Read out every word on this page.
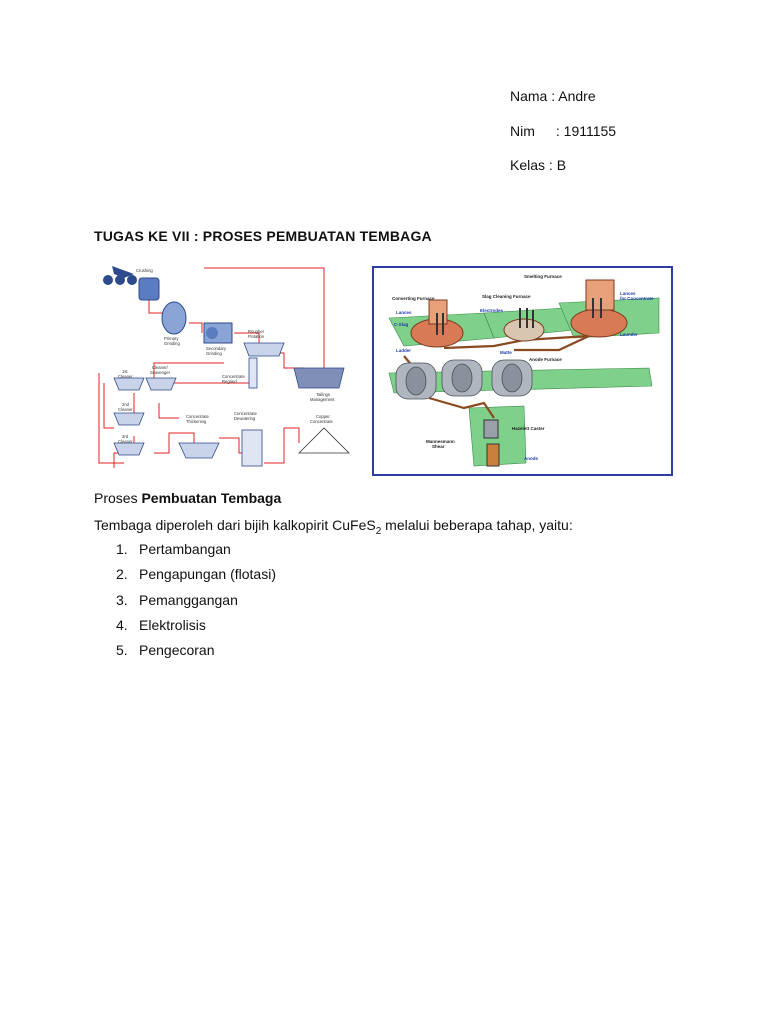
Nama : Andre
Nim : 1911155
Kelas : B
TUGAS KE VII : PROSES PEMBUATAN TEMBAGA
Crushing
Primary
Grinding
Secondary
Grinding
Rougher
Flotation
1st
Cleaner
Cleaner/
Scavenger
Concentrate
Regrind
Tailings
Management
2nd
Cleaner
3rd
Cleaner
Concentrate
Thickening
Concentrate
Dewatering	Copper
Concentrate
Smelting Furnace
Converting Furnace	Slag Cleaning Furnace
Lances
Lances
for Concentrate
Electrodes
C-Slag
Ladder	Matte
Launder
Anode Furnace
Hazelett Caster
Mannesmann
Shear
Anode
Proses Pembuatan Tembaga
Tembaga diperoleh dari bijih kalkopirit CuFeS$_2$ melalui beberapa tahap, yaitu:
1. Pertambangan
2. Pengapungan (flotasi)
3. Pemanggangan
4. Elektrolisis
5. Pengecoran
